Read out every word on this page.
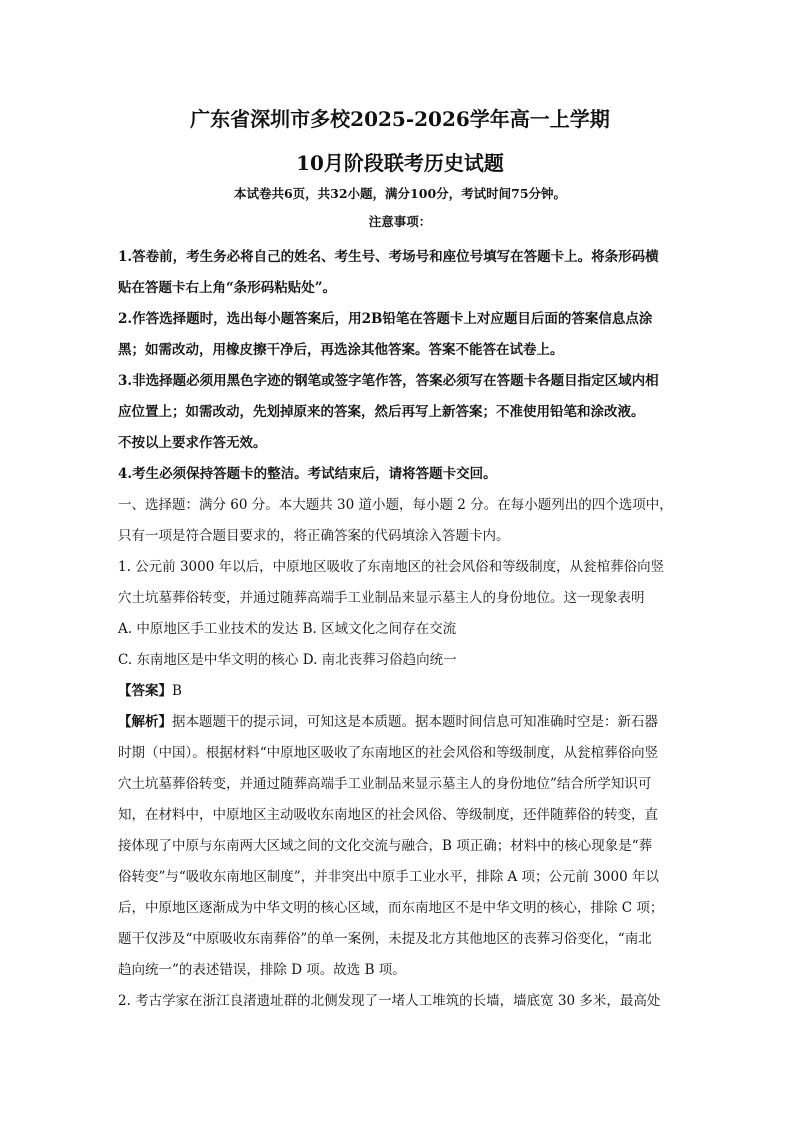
广东省深圳市多校2025-2026学年高一上学期
10月阶段联考历史试题
本试卷共6页，共32小题，满分100分，考试时间75分钟。
注意事项：

1.答卷前，考生务必将自己的姓名、考生号、考场号和座位号填写在答题卡上。将条形码横

贴在答题卡右上角“条形码粘贴处”。

2.作答选择题时，选出每小题答案后，用2B铅笔在答题卡上对应题目后面的答案信息点涂

黑；如需改动，用橡皮擦干净后，再选涂其他答案。答案不能答在试卷上。

3.非选择题必须用黑色字迹的钢笔或签字笔作答，答案必须写在答题卡各题目指定区域内相

应位置上；如需改动，先划掉原来的答案，然后再写上新答案；不准使用铅笔和涂改液。

不按以上要求作答无效。

4.考生必须保持答题卡的整洁。考试结束后，请将答题卡交回。

一、选择题：满分 60 分。本大题共 30 道小题，每小题 2 分。在每小题列出的四个选项中，

只有一项是符合题目要求的，将正确答案的代码填涂入答题卡内。

1. 公元前 3000 年以后，中原地区吸收了东南地区的社会风俗和等级制度，从瓮棺葬俗向竖

穴土坑墓葬俗转变，并通过随葬高端手工业制品来显示墓主人的身份地位。这一现象表明

A. 中原地区手工业技术的发达 B. 区域文化之间存在交流

C. 东南地区是中华文明的核心 D. 南北丧葬习俗趋向统一

【答案】B

【解析】据本题题干的提示词，可知这是本质题。据本题时间信息可知准确时空是：新石器

时期（中国）。根据材料“中原地区吸收了东南地区的社会风俗和等级制度，从瓮棺葬俗向竖

穴土坑墓葬俗转变，并通过随葬高端手工业制品来显示墓主人的身份地位”结合所学知识可

知，在材料中，中原地区主动吸收东南地区的社会风俗、等级制度，还伴随葬俗的转变，直

接体现了中原与东南两大区域之间的文化交流与融合，B 项正确；材料中的核心现象是“葬

俗转变”与“吸收东南地区制度”，并非突出中原手工业水平，排除 A 项；公元前 3000 年以

后，中原地区逐渐成为中华文明的核心区域，而东南地区不是中华文明的核心，排除 C 项；

题干仅涉及“中原吸收东南葬俗”的单一案例，未提及北方其他地区的丧葬习俗变化，“南北

趋向统一”的表述错误，排除 D 项。故选 B 项。

2. 考古学家在浙江良渚遗址群的北侧发现了一堵人工堆筑的长墙，墙底宽 30 多米，最高处
